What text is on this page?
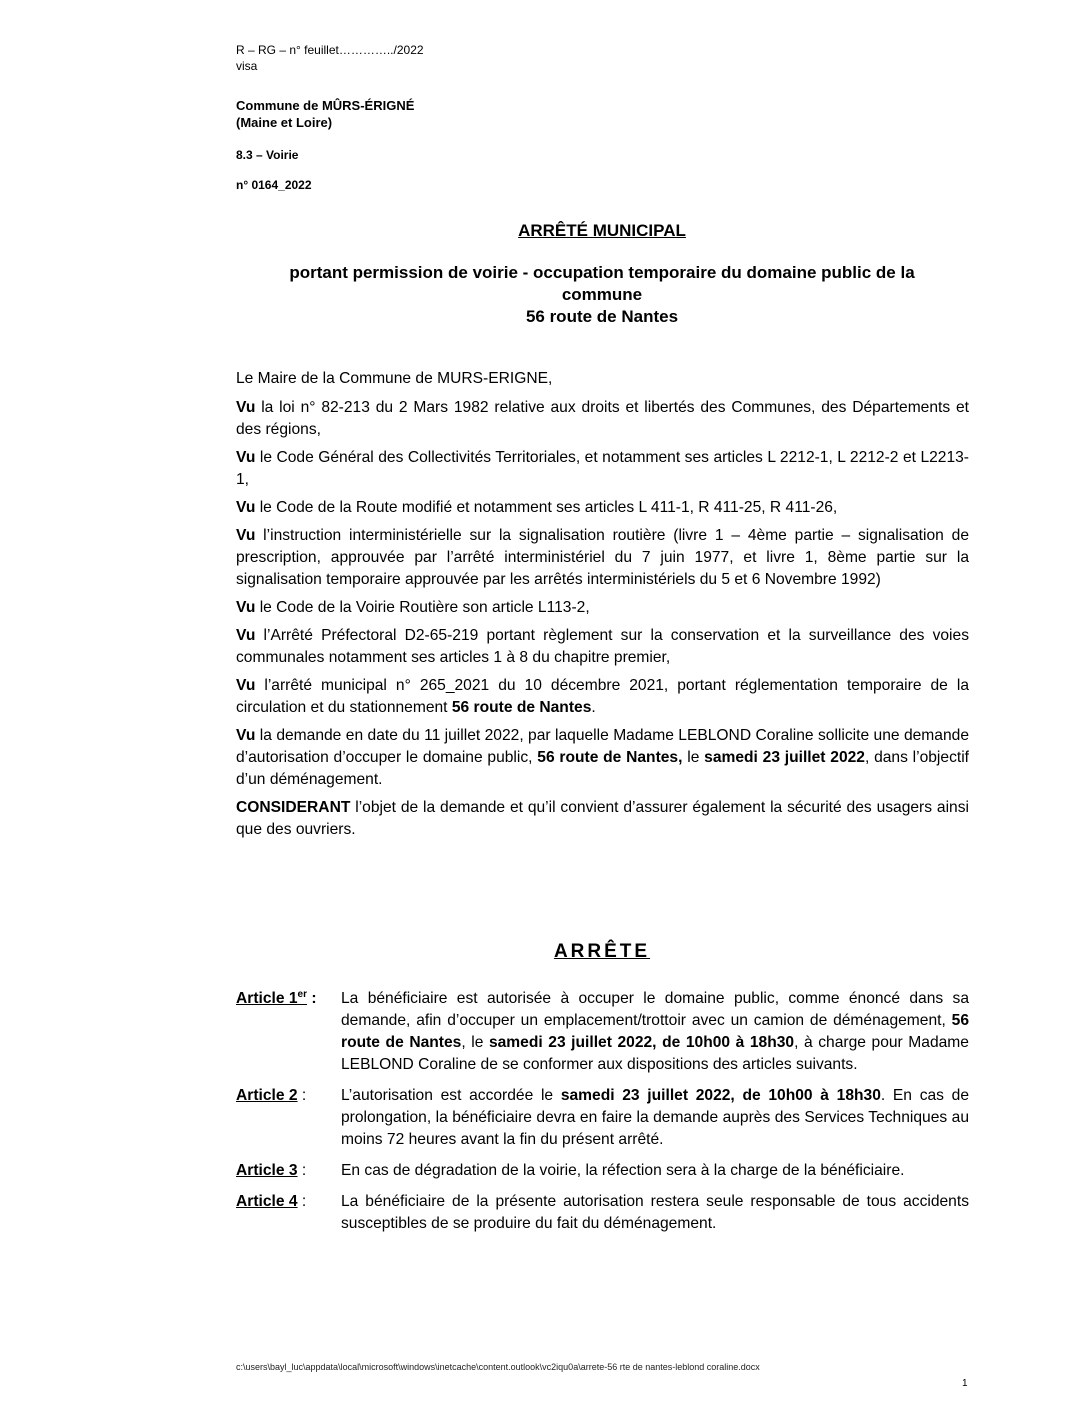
R – RG – n° feuillet…………../2022
visa
Commune de MÛRS-ÉRIGNÉ
(Maine et Loire)
8.3 – Voirie
n° 0164_2022
ARRÊTÉ MUNICIPAL
portant permission de voirie - occupation temporaire du domaine public de la
commune
56 route de Nantes

Le Maire de la Commune de MURS-ERIGNE,

Vu la loi n° 82-213 du 2 Mars 1982 relative aux droits et libertés des Communes, des Départements et des régions,

Vu le Code Général des Collectivités Territoriales, et notamment ses articles L 2212-1, L 2212-2 et L2213-1,

Vu le Code de la Route modifié et notamment ses articles L 411-1, R 411-25, R 411-26,

Vu l’instruction interministérielle sur la signalisation routière (livre 1 – 4ème partie – signalisation de prescription, approuvée par l’arrêté interministériel du 7 juin 1977, et livre 1, 8ème partie sur la signalisation temporaire approuvée par les arrêtés interministériels du 5 et 6 Novembre 1992)

Vu le Code de la Voirie Routière son article L113-2,

Vu l’Arrêté Préfectoral D2-65-219 portant règlement sur la conservation et la surveillance des voies communales notamment ses articles 1 à 8 du chapitre premier,

Vu l’arrêté municipal n° 265_2021 du 10 décembre 2021, portant réglementation temporaire de la circulation et du stationnement 56 route de Nantes.

Vu la demande en date du 11 juillet 2022, par laquelle Madame LEBLOND Coraline sollicite une demande d’autorisation d’occuper le domaine public, 56 route de Nantes, le samedi 23 juillet 2022, dans l’objectif d’un déménagement.

CONSIDERANT l’objet de la demande et qu’il convient d’assurer également la sécurité des usagers ainsi que des ouvriers.

ARRÊTE
Article 1er :	La bénéficiaire est autorisée à occuper le domaine public, comme énoncé dans sa demande, afin d’occuper un emplacement/trottoir avec un camion de déménagement, 56 route de Nantes, le samedi 23 juillet 2022, de 10h00 à 18h30, à charge pour Madame LEBLOND Coraline de se conformer aux dispositions des articles suivants.
Article 2 :	L’autorisation est accordée le samedi 23 juillet 2022, de 10h00 à 18h30. En cas de prolongation, la bénéficiaire devra en faire la demande auprès des Services Techniques au moins 72 heures avant la fin du présent arrêté.
Article 3 :	En cas de dégradation de la voirie, la réfection sera à la charge de la bénéficiaire.
Article 4 :	La bénéficiaire de la présente autorisation restera seule responsable de tous accidents susceptibles de se produire du fait du déménagement.
c:\users\bayl_luc\appdata\local\microsoft\windows\inetcache\content.outlook\vc2iqu0a\arrete-56 rte de nantes-leblond coraline.docx
1
